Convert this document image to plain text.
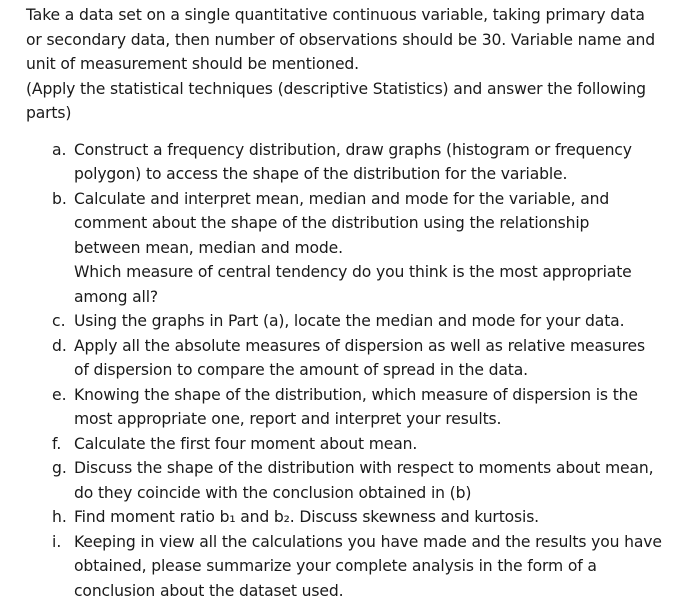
Take a data set on a single quantitative continuous variable, taking primary data
or secondary data, then number of observations should be 30. Variable name and
unit of measurement should be mentioned.
(Apply the statistical techniques (descriptive Statistics) and answer the following
parts)
a. Construct a frequency distribution, draw graphs (histogram or frequency
polygon) to access the shape of the distribution for the variable.
b. Calculate and interpret mean, median and mode for the variable, and
comment about the shape of the distribution using the relationship
between mean, median and mode.
Which measure of central tendency do you think is the most appropriate
among all?
c. Using the graphs in Part (a), locate the median and mode for your data.
d. Apply all the absolute measures of dispersion as well as relative measures
of dispersion to compare the amount of spread in the data.
e. Knowing the shape of the distribution, which measure of dispersion is the
most appropriate one, report and interpret your results.
f. Calculate the first four moment about mean.
g. Discuss the shape of the distribution with respect to moments about mean,
do they coincide with the conclusion obtained in (b)
h. Find moment ratio b₁ and b₂. Discuss skewness and kurtosis.
i. Keeping in view all the calculations you have made and the results you have
obtained, please summarize your complete analysis in the form of a
conclusion about the dataset used.
